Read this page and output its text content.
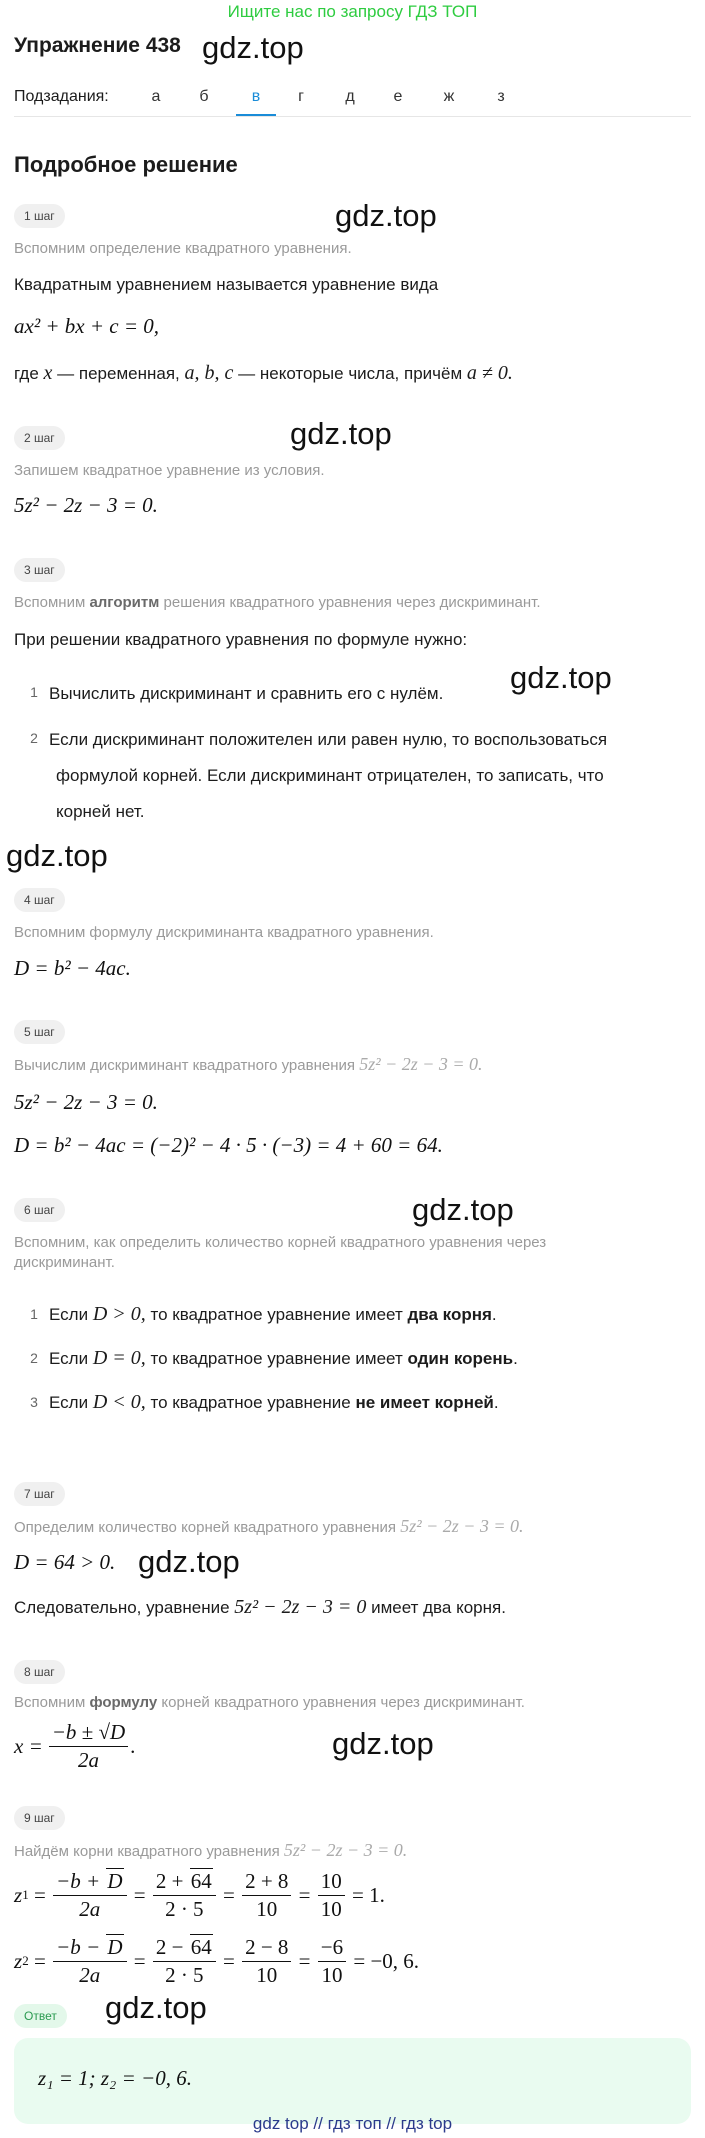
Ищите нас по запросу ГДЗ ТОП
Упражнение 438 gdz.top
gdz.top
gdz.top
gdz.top
gdz.top
gdz.top
gdz.top
gdz.top
gdz.top
Подзадания:	а	б	в	г	д	е	ж	з
Подробное решение
1 шаг
Вспомним определение квадратного уравнения.
Квадратным уравнением называется уравнение вида
ax² + bx + c = 0,
где x — переменная, a, b, c — некоторые числа, причём a ≠ 0.
2 шаг
Запишем квадратное уравнение из условия.
5z² − 2z − 3 = 0.
3 шаг
Вспомним алгоритм решения квадратного уравнения через дискриминант.
При решении квадратного уравнения по формуле нужно:
1 Вычислить дискриминант и сравнить его с нулём.
2 Если дискриминант положителен или равен нулю, то воспользоваться
формулой корней. Если дискриминант отрицателен, то записать, что
корней нет.
4 шаг
Вспомним формулу дискриминанта квадратного уравнения.
D = b² − 4ac.
5 шаг
Вычислим дискриминант квадратного уравнения 5z² − 2z − 3 = 0.
5z² − 2z − 3 = 0.
D = b² − 4ac = (−2)² − 4 · 5 · (−3) = 4 + 60 = 64.
6 шаг
Вспомним, как определить количество корней квадратного уравнения через
дискриминант.
1 Если D > 0, то квадратное уравнение имеет два корня.
2 Если D = 0, то квадратное уравнение имеет один корень.
3 Если D < 0, то квадратное уравнение не имеет корней.
7 шаг
Определим количество корней квадратного уравнения 5z² − 2z − 3 = 0.
D = 64 > 0.
Следовательно, уравнение 5z² − 2z − 3 = 0 имеет два корня.
8 шаг
Вспомним формулу корней квадратного уравнения через дискриминант.
$x = \frac{-b \pm √D}{2a}$ .
9 шаг
Найдём корни квадратного уравнения 5z² − 2z − 3 = 0.
z $1 = \frac{-b + D}{2a} = \frac{2 + 64}{2 \cdot 5} = \frac{2 + 8}{10} = \frac{10}{10} = 1$.
z $2 = \frac{-b - D}{2a} = \frac{2 - 64}{2 \cdot 5} = \frac{2 - 8}{10} = \frac{-6}{10} = -0$, 6.
Ответ
z₁ = 1; z₂ = −0, 6.
gdz top // гдз топ // гдз top
